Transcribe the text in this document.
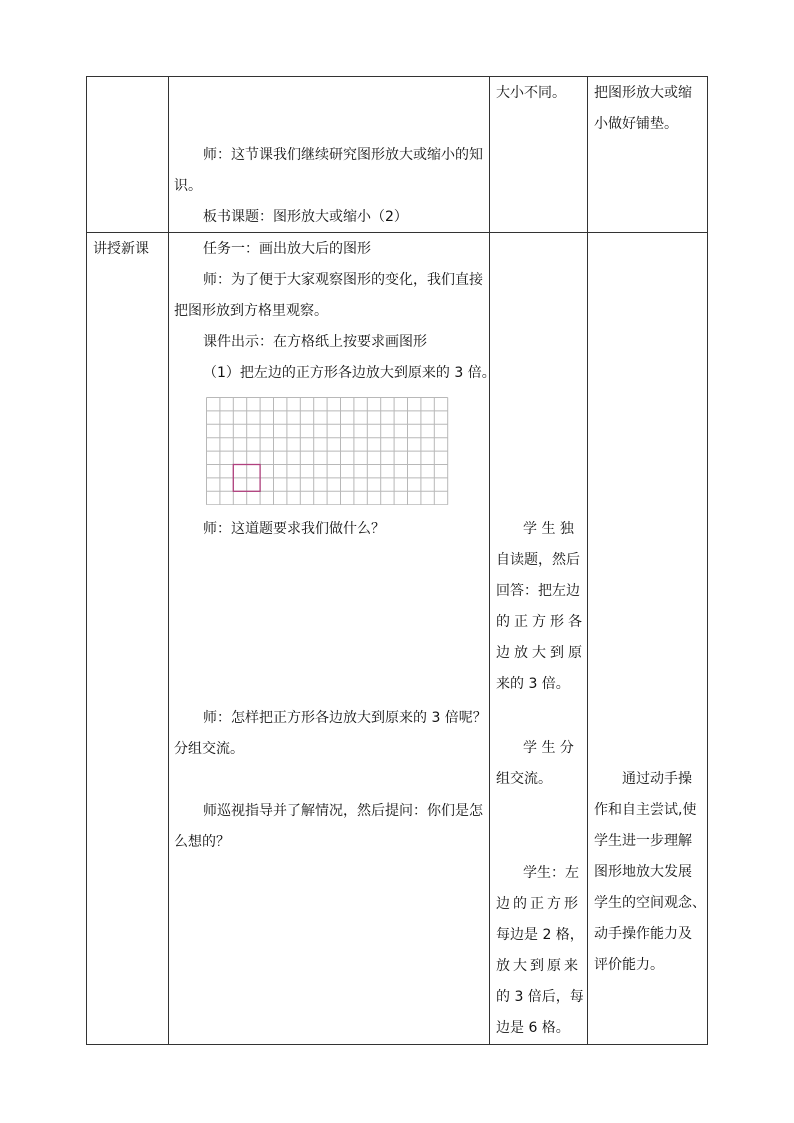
师：这节课我们继续研究图形放大或缩小的知
识。
板书课题：图形放大或缩小（2）
大小不同。 把图形放大或缩
小做好铺垫。
讲授新课	任务一：画出放大后的图形
师：为了便于大家观察图形的变化，我们直接
把图形放到方格里观察。
课件出示：在方格纸上按要求画图形
（1）把左边的正方形各边放大到原来的 3 倍。
师：这道题要求我们做什么？
师：怎样把正方形各边放大到原来的 3 倍呢？
分组交流。
师巡视指导并了解情况，然后提问：你们是怎
么想的？
学 生 独
自读题，然后
回答：把左边
的正方形各
边放大到原
来的 3 倍。
学 生 分
组交流。
学生：左
边的正方形
每边是 2 格，
放大到原来
的 3 倍后，每
边是 6 格。
通过动手操
作和自主尝试,使
学生进一步理解
图形地放大发展
学生的空间观念、
动手操作能力及
评价能力。
